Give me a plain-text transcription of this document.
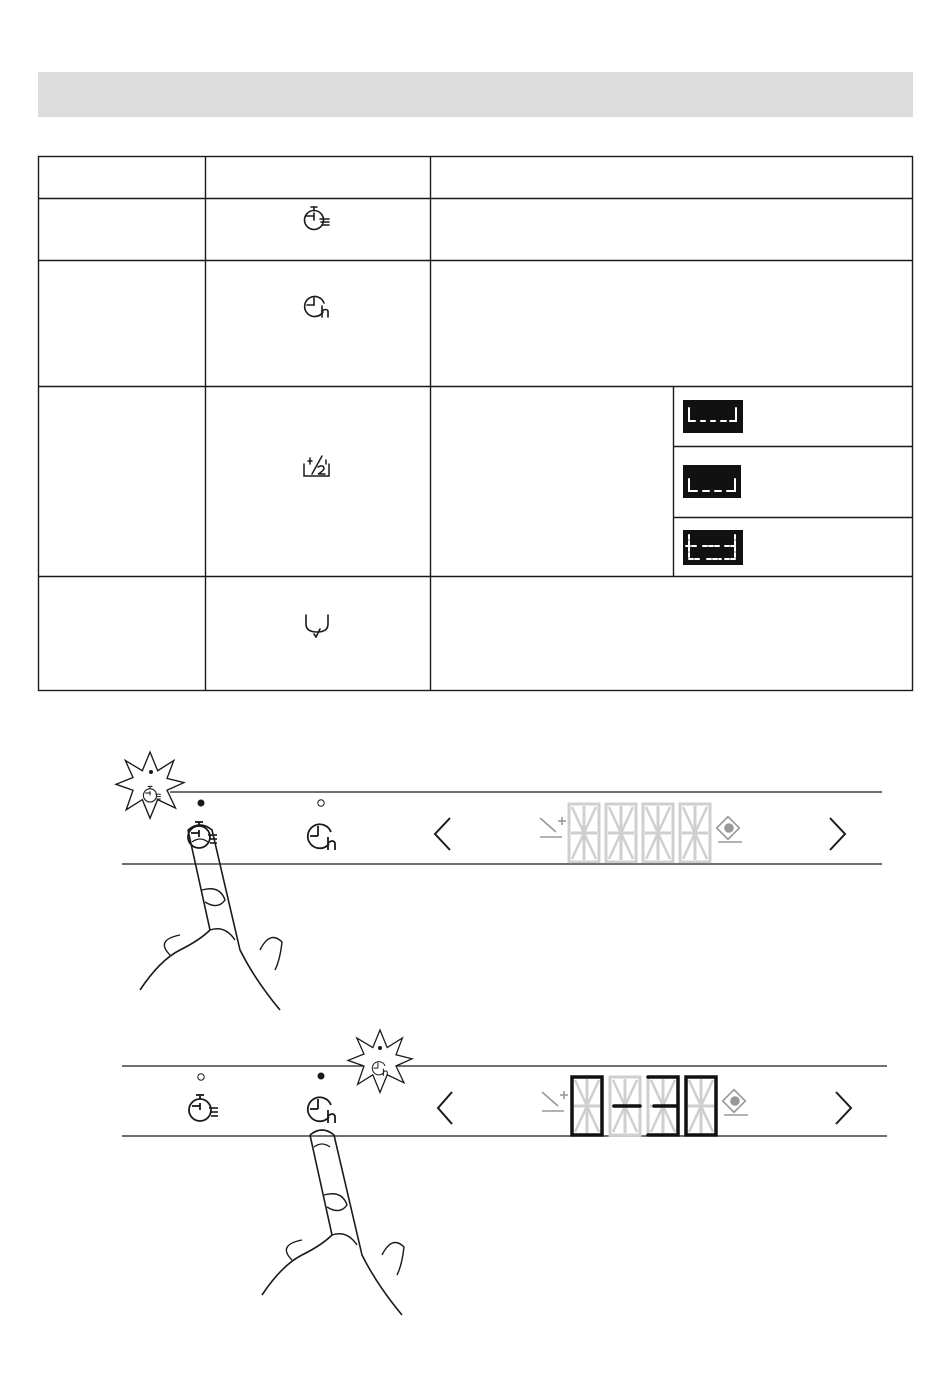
0-30
